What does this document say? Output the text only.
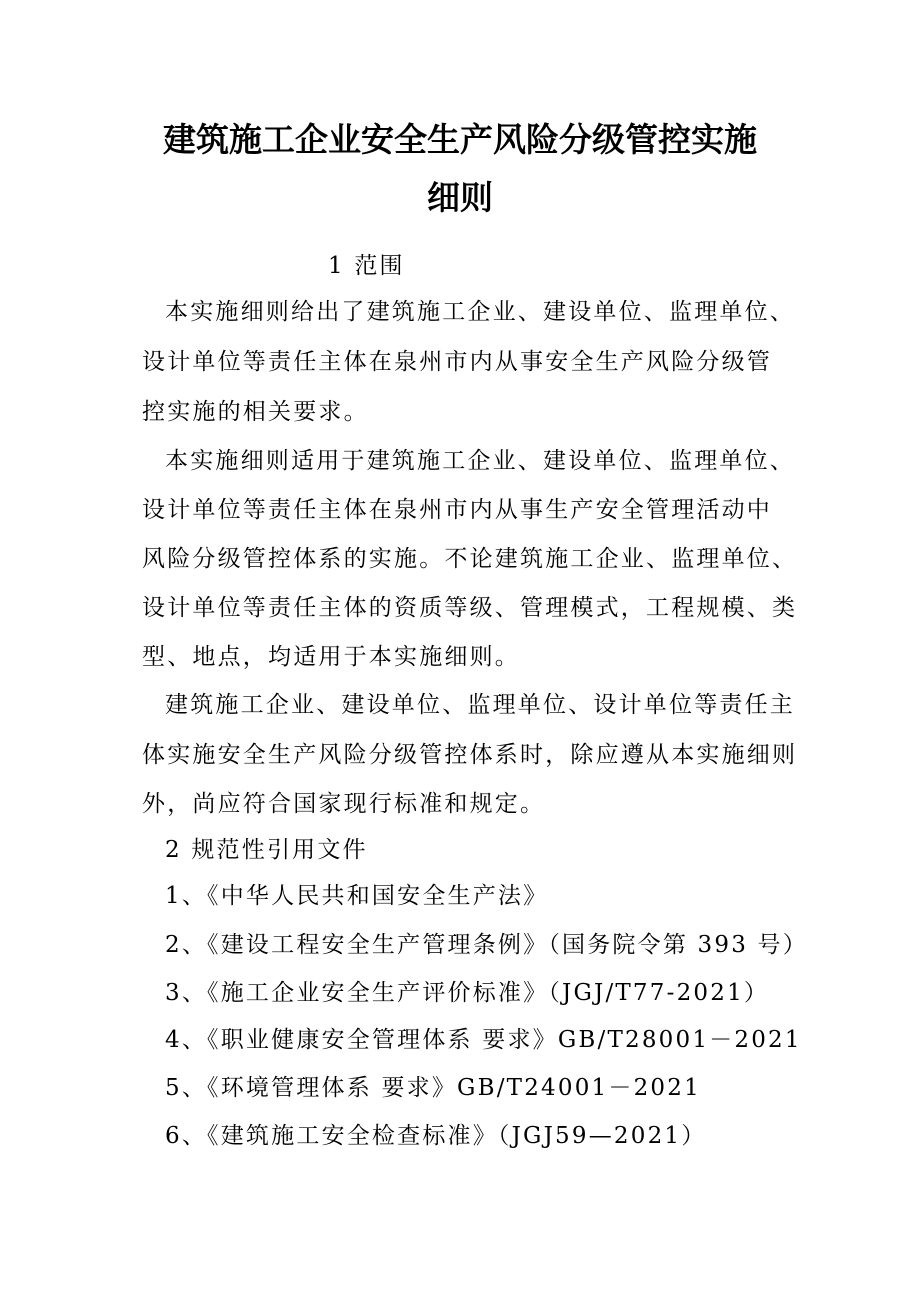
建筑施工企业安全生产风险分级管控实施
细则

1 范围

本实施细则给出了建筑施工企业、建设单位、监理单位、

设计单位等责任主体在泉州市内从事安全生产风险分级管

控实施的相关要求。

本实施细则适用于建筑施工企业、建设单位、监理单位、

设计单位等责任主体在泉州市内从事生产安全管理活动中

风险分级管控体系的实施。不论建筑施工企业、监理单位、

设计单位等责任主体的资质等级、管理模式，工程规模、类

型、地点，均适用于本实施细则。

建筑施工企业、建设单位、监理单位、设计单位等责任主

体实施安全生产风险分级管控体系时，除应遵从本实施细则

外，尚应符合国家现行标准和规定。

2 规范性引用文件

1、《中华人民共和国安全生产法》

2、《建设工程安全生产管理条例》（国务院令第 393 号）

3、《施工企业安全生产评价标准》（JGJ/T77-2021）

4、《职业健康安全管理体系 要求》GB/T28001－2021

5、《环境管理体系 要求》GB/T24001－2021

6、《建筑施工安全检查标准》（JGJ59—2021）
